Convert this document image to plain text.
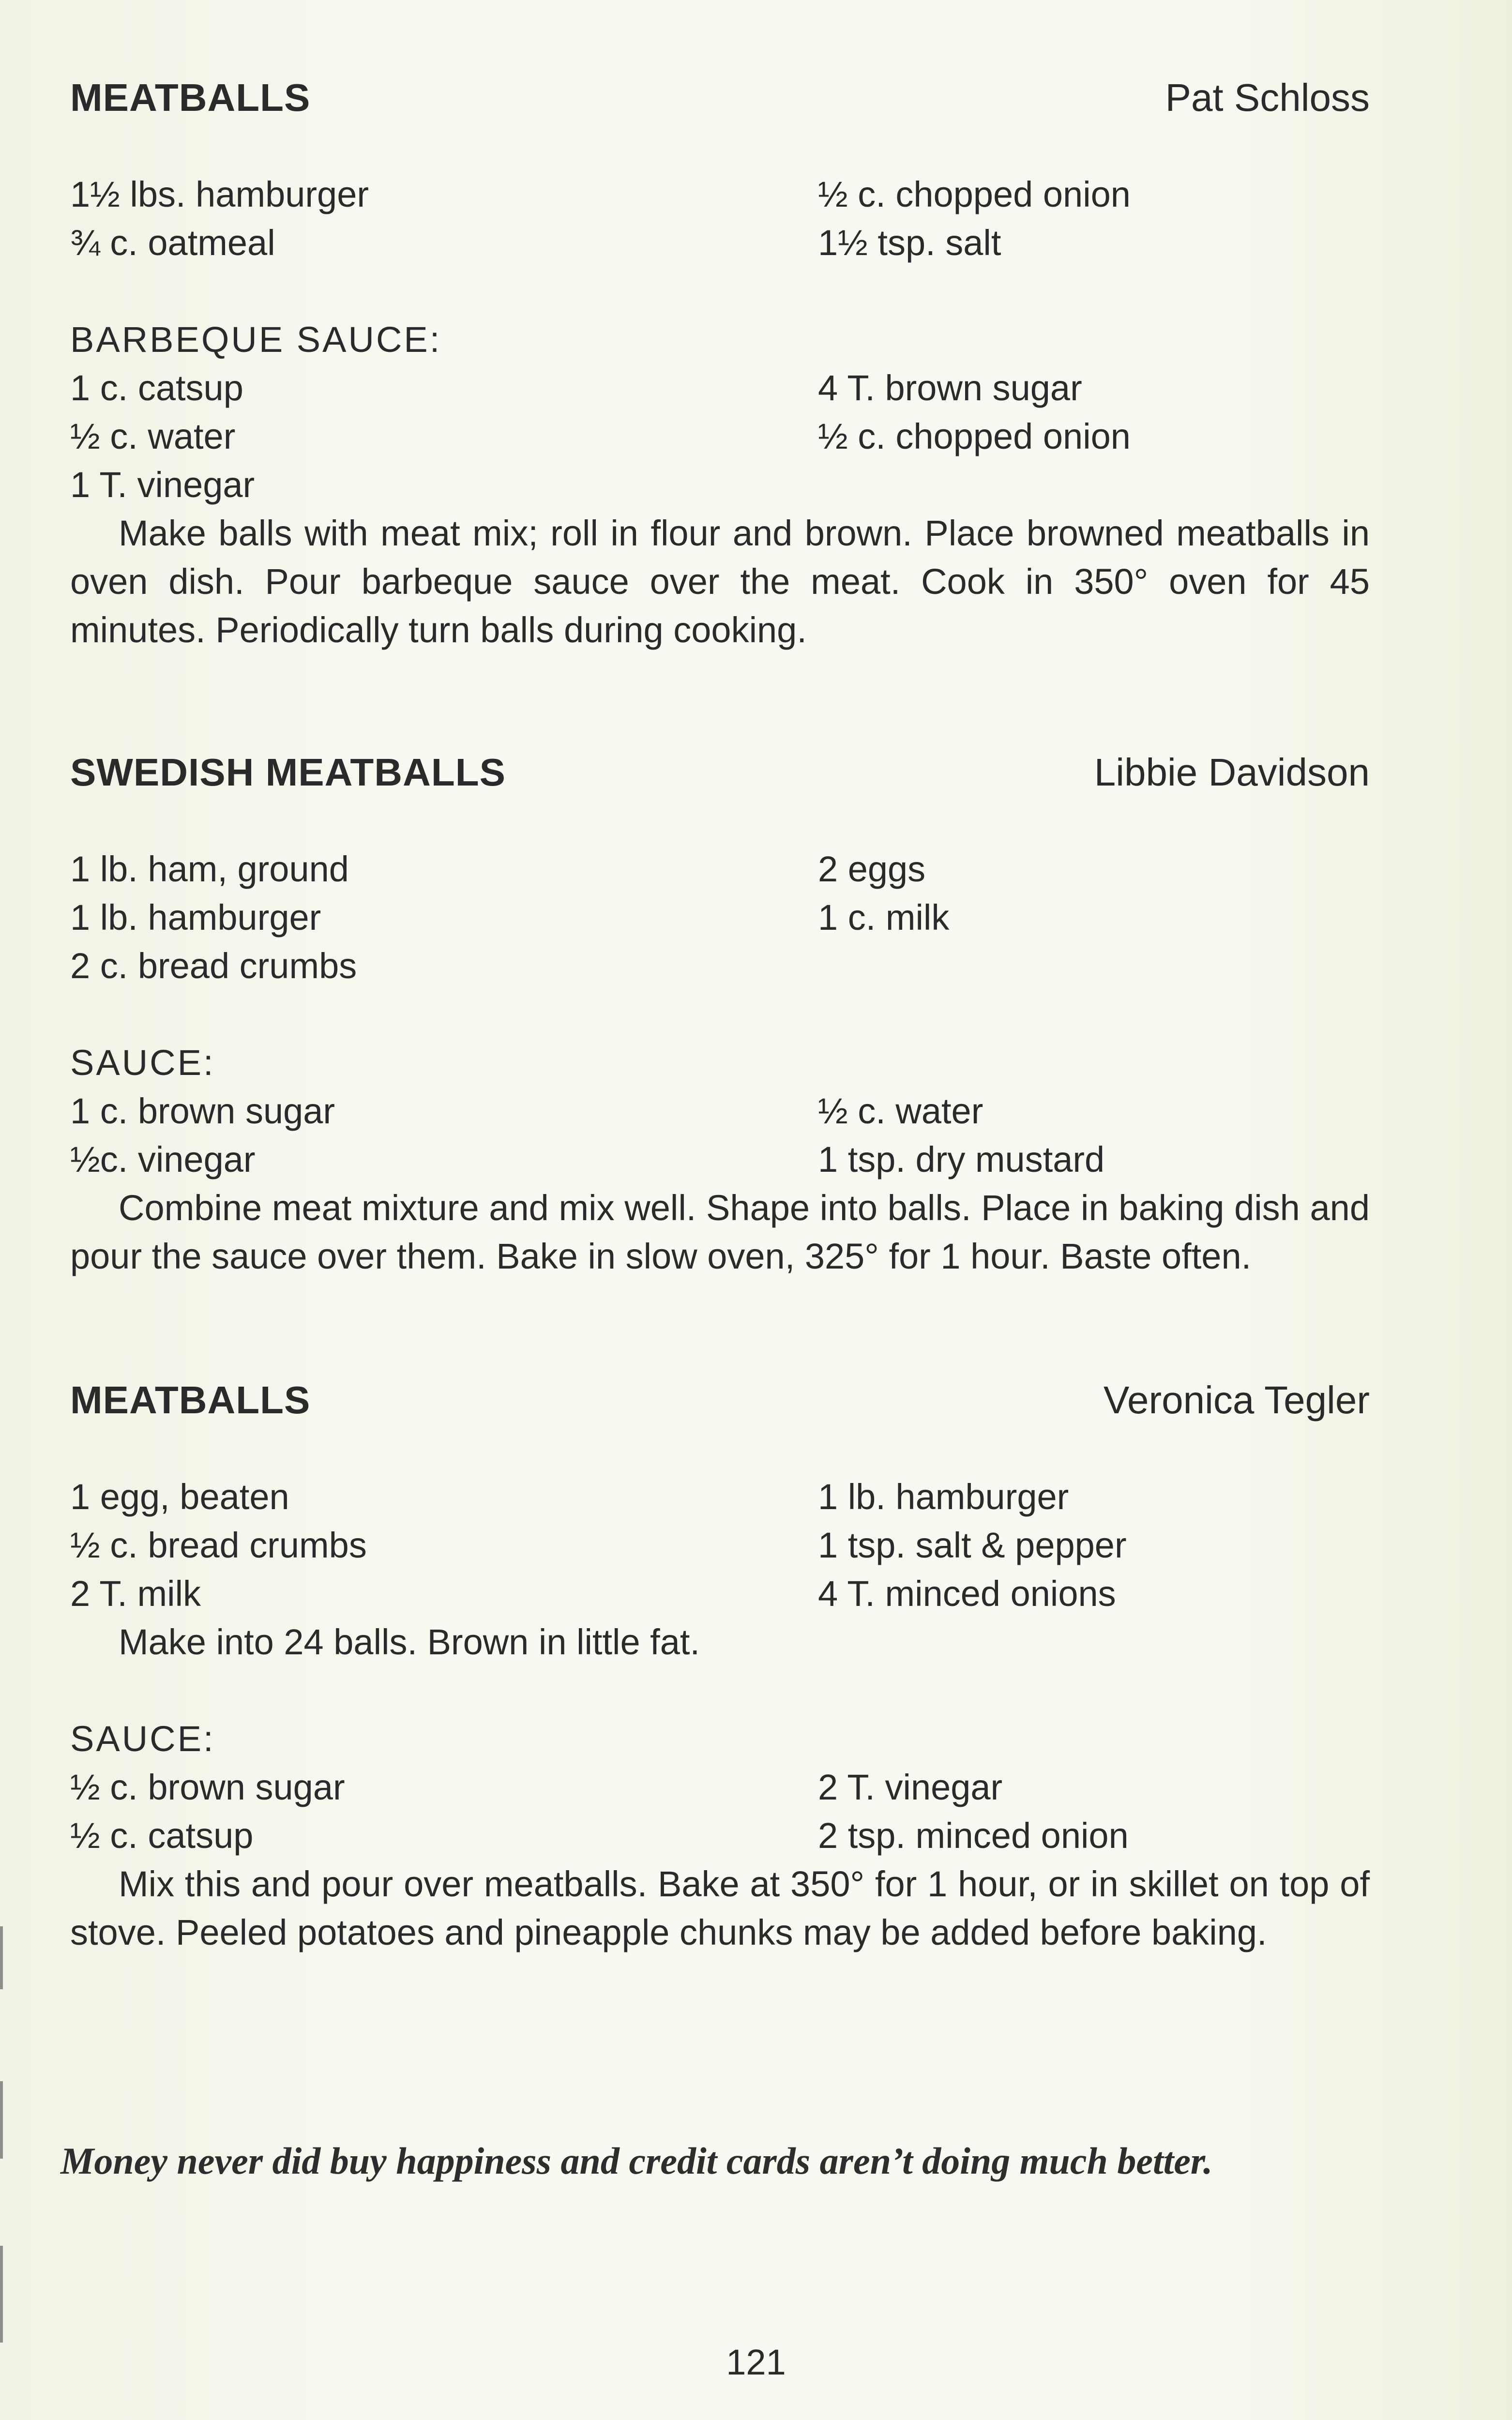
MEATBALLS	Pat Schloss
1½ lbs. hamburger	½ c. chopped onion
¾ c. oatmeal	1½ tsp. salt
BARBEQUE SAUCE:
1 c. catsup	4 T. brown sugar
½ c. water	½ c. chopped onion
1 T. vinegar
Make balls with meat mix; roll in flour and brown. Place browned meatballs in oven dish. Pour barbeque sauce over the meat. Cook in 350° oven for 45 minutes. Periodically turn balls during cooking.
SWEDISH MEATBALLS	Libbie Davidson
1 lb. ham, ground	2 eggs
1 lb. hamburger	1 c. milk
2 c. bread crumbs
SAUCE:
1 c. brown sugar	½ c. water
½c. vinegar	1 tsp. dry mustard
Combine meat mixture and mix well. Shape into balls. Place in baking dish and pour the sauce over them. Bake in slow oven, 325° for 1 hour. Baste often.
MEATBALLS	Veronica Tegler
1 egg, beaten	1 lb. hamburger
½ c. bread crumbs	1 tsp. salt & pepper
2 T. milk	4 T. minced onions
Make into 24 balls. Brown in little fat.
SAUCE:
½ c. brown sugar	2 T. vinegar
½ c. catsup	2 tsp. minced onion
Mix this and pour over meatballs. Bake at 350° for 1 hour, or in skillet on top of stove. Peeled potatoes and pineapple chunks may be added before baking.
Money never did buy happiness and credit cards aren’t doing much better.
121
